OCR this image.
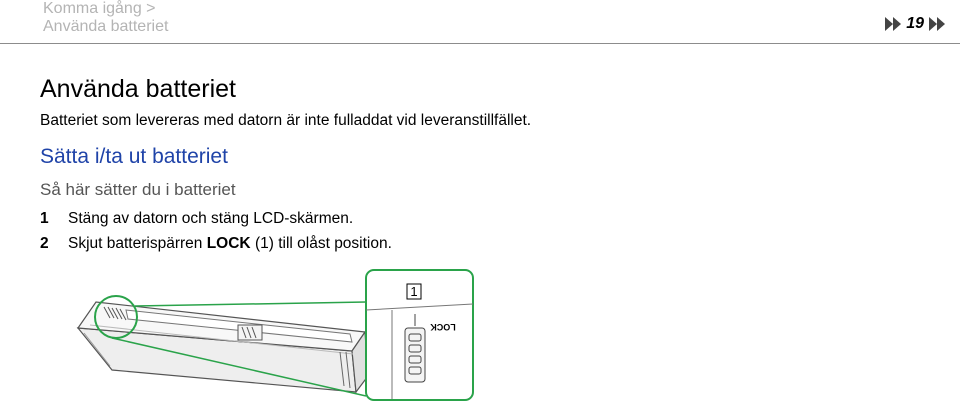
Komma igång >
Använda batteriet	19
Använda batteriet
Batteriet som levereras med datorn är inte fulladdat vid leveranstillfället.
Sätta i/ta ut batteriet
Så här sätter du i batteriet
1	Stäng av datorn och stäng LCD-skärmen.
2	Skjut batterispärren LOCK (1) till olåst position.
1
LOCK
